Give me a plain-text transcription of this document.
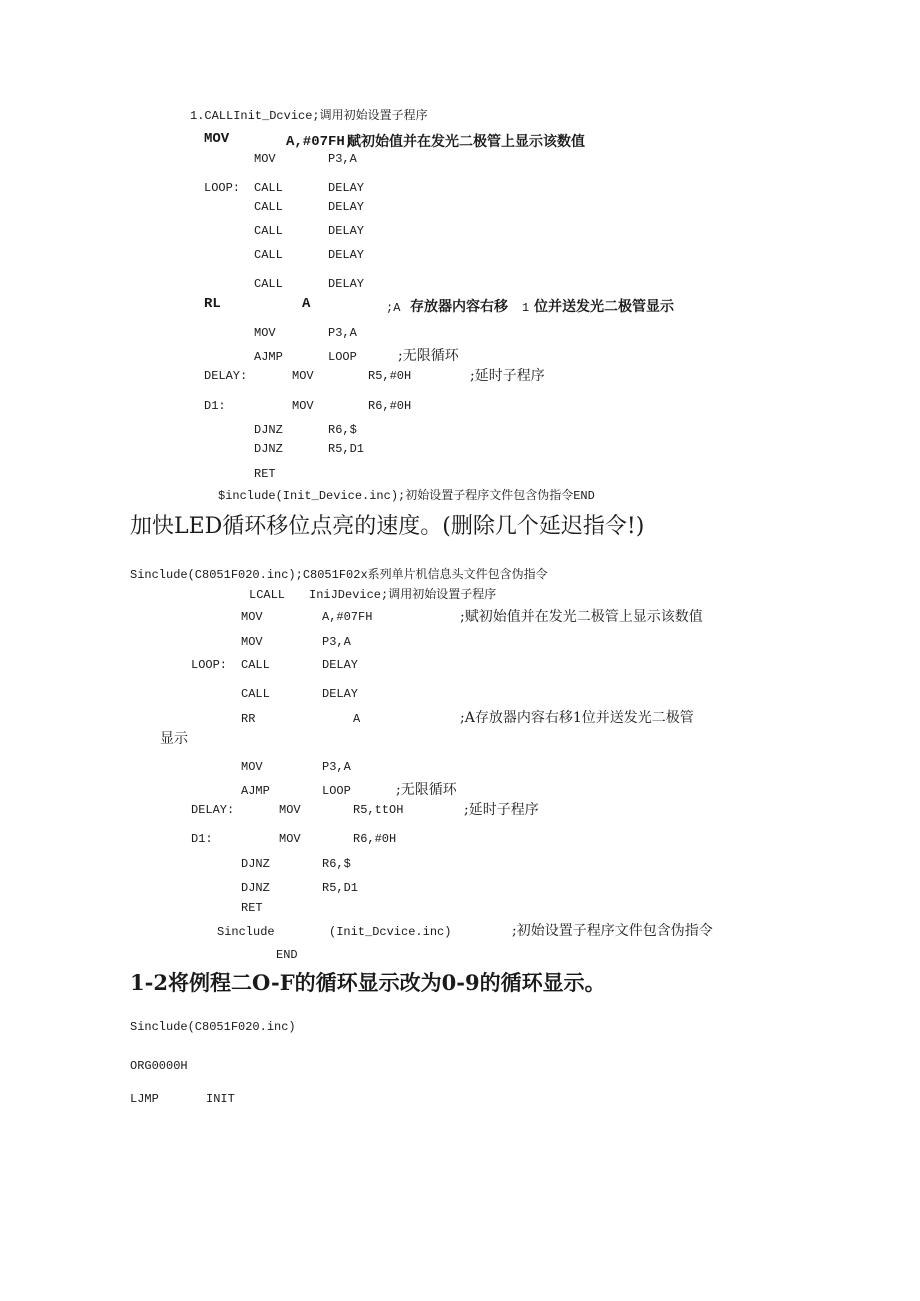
1.CALLInit_Dcvice;调用初始设置子程序
MOV	A,#07FH;
赋初始值并在发光二极管上显示该数值
MOV	P3,A
LOOP: CALL	DELAY
CALL	DELAY
CALL	DELAY
CALL	DELAY
CALL	DELAY
RL	A	;A 存放器内容右移 1 位并送发光二极管显示
MOV	P3,A
AJMP	LOOP	;无限循环
DELAY:	MOV	R5,#0H	;延时子程序
D1:	MOV	R6,#0H
DJNZ	R6,$
DJNZ	R5,D1
RET
$include(Init_Device.inc);初始设置子程序文件包含伪指令END
加快LED循环移位点亮的速度。(删除几个延迟指令!)
Sinclude(C8051F020.inc);C8051F02x系列单片机信息头文件包含伪指令
LCALL IniJDevice;调用初始设置子程序
MOV	A,#07FH	;赋初始值并在发光二极管上显示该数值
MOV	P3,A
LOOP: CALL	DELAY
CALL	DELAY
RR	A	;A存放器内容右移1位并送发光二极管
显示
MOV	P3,A
AJMP	LOOP	;无限循环
DELAY:	MOV	R5,ttOH	;延时子程序
D1:	MOV	R6,#0H
DJNZ	R6,$
DJNZ	R5,D1
RET
Sinclude	(Init_Dcvice.inc)	;初始设置子程序文件包含伪指令
END
1-2将例程二O-F的循环显示改为0-9的循环显示。
Sinclude(C8051F020.inc)
ORG0000H
LJMP	INIT
